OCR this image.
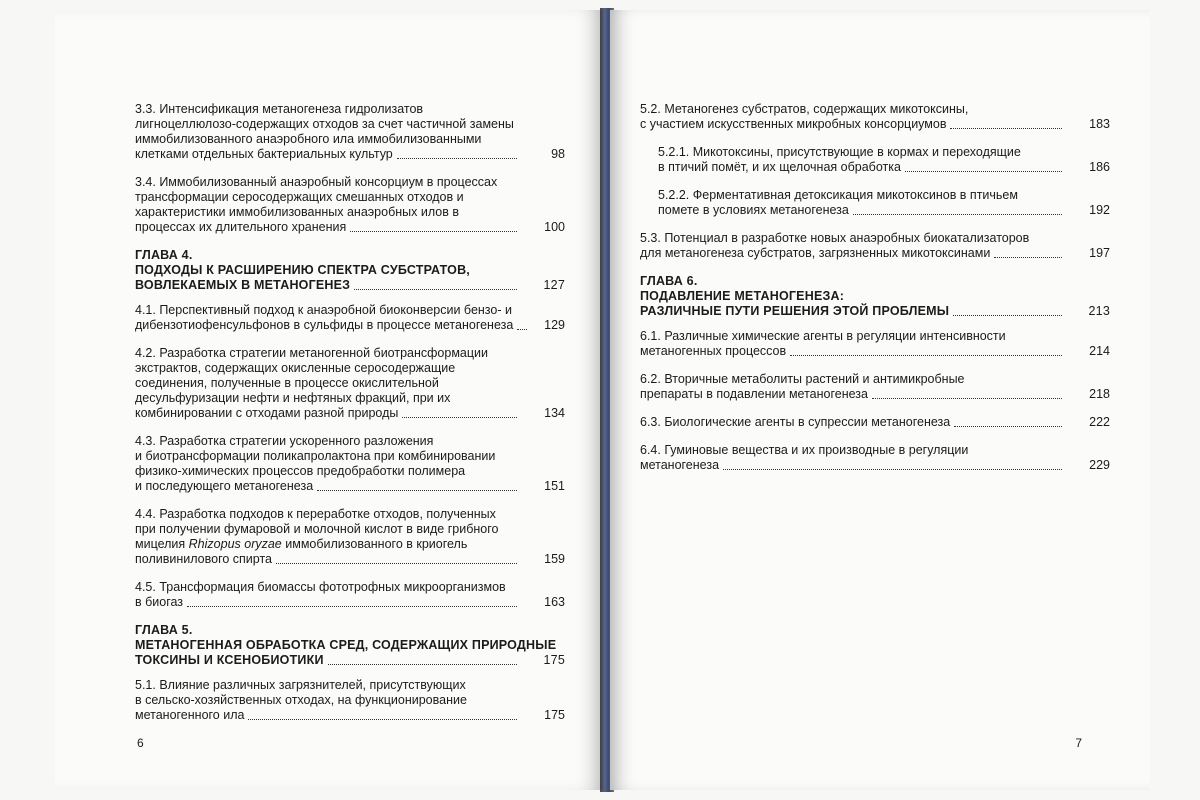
3.3. Интенсификация метаногенеза гидролизатов
лигноцеллюлозо-содержащих отходов за счет частичной замены
иммобилизованного анаэробного ила иммобилизованными
клетками отдельных бактериальных культур	98
3.4. Иммобилизованный анаэробный консорциум в процессах
трансформации серосодержащих смешанных отходов и
характеристики иммобилизованных анаэробных илов в
процессах их длительного хранения	100
ГЛАВА 4.
ПОДХОДЫ К РАСШИРЕНИЮ СПЕКТРА СУБСТРАТОВ,
ВОВЛЕКАЕМЫХ В МЕТАНОГЕНЕЗ	127
4.1. Перспективный подход к анаэробной биоконверсии бензо- и
дибензотиофенсульфонов в сульфиды в процессе метаногенеза	129
4.2. Разработка стратегии метаногенной биотрансформации
экстрактов, содержащих окисленные серосодержащие
соединения, полученные в процессе окислительной
десульфуризации нефти и нефтяных фракций, при их
комбинировании с отходами разной природы	134
4.3. Разработка стратегии ускоренного разложения
и биотрансформации поликапролактона при комбинировании
физико-химических процессов предобработки полимера
и последующего метаногенеза	151
4.4. Разработка подходов к переработке отходов, полученных
при получении фумаровой и молочной кислот в виде грибного
мицелия Rhizopus oryzae иммобилизованного в криогель
поливинилового спирта	159
4.5. Трансформация биомассы фототрофных микроорганизмов
в биогаз	163
ГЛАВА 5.
МЕТАНОГЕННАЯ ОБРАБОТКА СРЕД, СОДЕРЖАЩИХ ПРИРОДНЫЕ
ТОКСИНЫ И КСЕНОБИОТИКИ	175
5.1. Влияние различных загрязнителей, присутствующих
в сельско-хозяйственных отходах, на функционирование
метаногенного ила	175
6
5.2. Метаногенез субстратов, содержащих микотоксины,
с участием искусственных микробных консорциумов	183
5.2.1. Микотоксины, присутствующие в кормах и переходящие
в птичий помёт, и их щелочная обработка	186
5.2.2. Ферментативная детоксикация микотоксинов в птичьем
помете в условиях метаногенеза	192
5.3. Потенциал в разработке новых анаэробных биокатализаторов
для метаногенеза субстратов, загрязненных микотоксинами	197
ГЛАВА 6.
ПОДАВЛЕНИЕ МЕТАНОГЕНЕЗА:
РАЗЛИЧНЫЕ ПУТИ РЕШЕНИЯ ЭТОЙ ПРОБЛЕМЫ	213
6.1. Различные химические агенты в регуляции интенсивности
метаногенных процессов	214
6.2. Вторичные метаболиты растений и антимикробные
препараты в подавлении метаногенеза	218
6.3. Биологические агенты в супрессии метаногенеза	222
6.4. Гуминовые вещества и их производные в регуляции
метаногенеза	229
7
